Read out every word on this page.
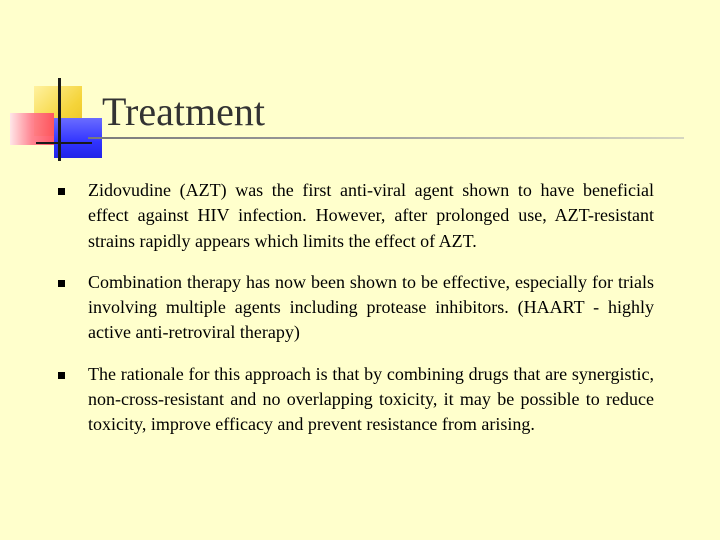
Treatment
Zidovudine (AZT) was the first anti-viral agent shown to have beneficial effect against HIV infection. However, after prolonged use, AZT-resistant strains rapidly appears which limits the effect of AZT.
Combination therapy has now been shown to be effective, especially for trials involving multiple agents including protease inhibitors. (HAART - highly active anti-retroviral therapy)
The rationale for this approach is that by combining drugs that are synergistic, non-cross-resistant and no overlapping toxicity, it may be possible to reduce toxicity, improve efficacy and prevent resistance from arising.
